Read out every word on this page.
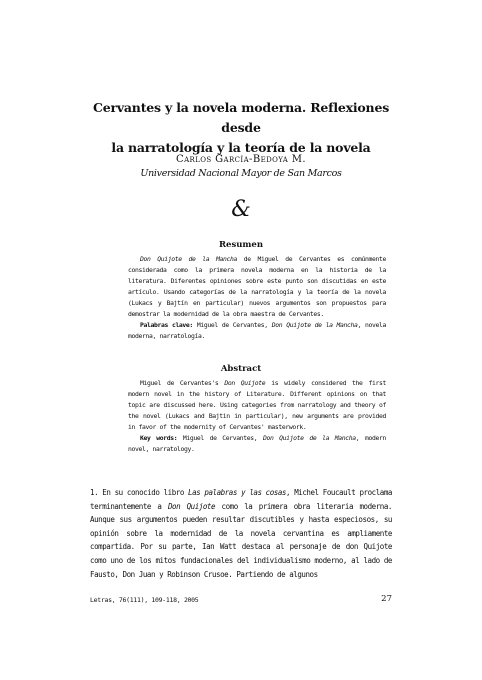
Cervantes y la novela moderna. Reflexiones desde
la narratología y la teoría de la novela
Carlos García-Bedoya M.
Universidad Nacional Mayor de San Marcos
&
Resumen

Don Quijote de la Mancha de Miguel de Cervantes es comúnmente considerada como la primera novela moderna en la historia de la literatura. Diferentes opiniones sobre este punto son discutidas en este artículo. Usando categorías de la narratología y la teoría de la novela (Lukacs y Bajtín en particular) nuevos argumentos son propuestos para demostrar la modernidad de la obra maestra de Cervantes.

Palabras clave: Miguel de Cervantes, Don Quijote de la Mancha, novela moderna, narratología.

Abstract

Miguel de Cervantes's Don Quijote is widely considered the first modern novel in the history of Literature. Different opinions on that topic are discussed here. Using categories from narratology and theory of the novel (Lukacs and Bajtin in particular), new arguments are provided in favor of the modernity of Cervantes' masterwork.

Key words: Miguel de Cervantes, Don Quijote de la Mancha, modern novel, narratology.

1. En su conocido libro Las palabras y las cosas, Michel Foucault proclama terminantemente a Don Quijote como la primera obra literaria moderna. Aunque sus argumentos pueden resultar discutibles y hasta especiosos, su opinión sobre la modernidad de la novela cervantina es ampliamente compartida. Por su parte, Ian Watt destaca al personaje de don Quijote como uno de los mitos fundacionales del individualismo moderno, al lado de Fausto, Don Juan y Robinson Crusoe. Partiendo de algunos

Letras, 76(111), 109-118, 2005	27
